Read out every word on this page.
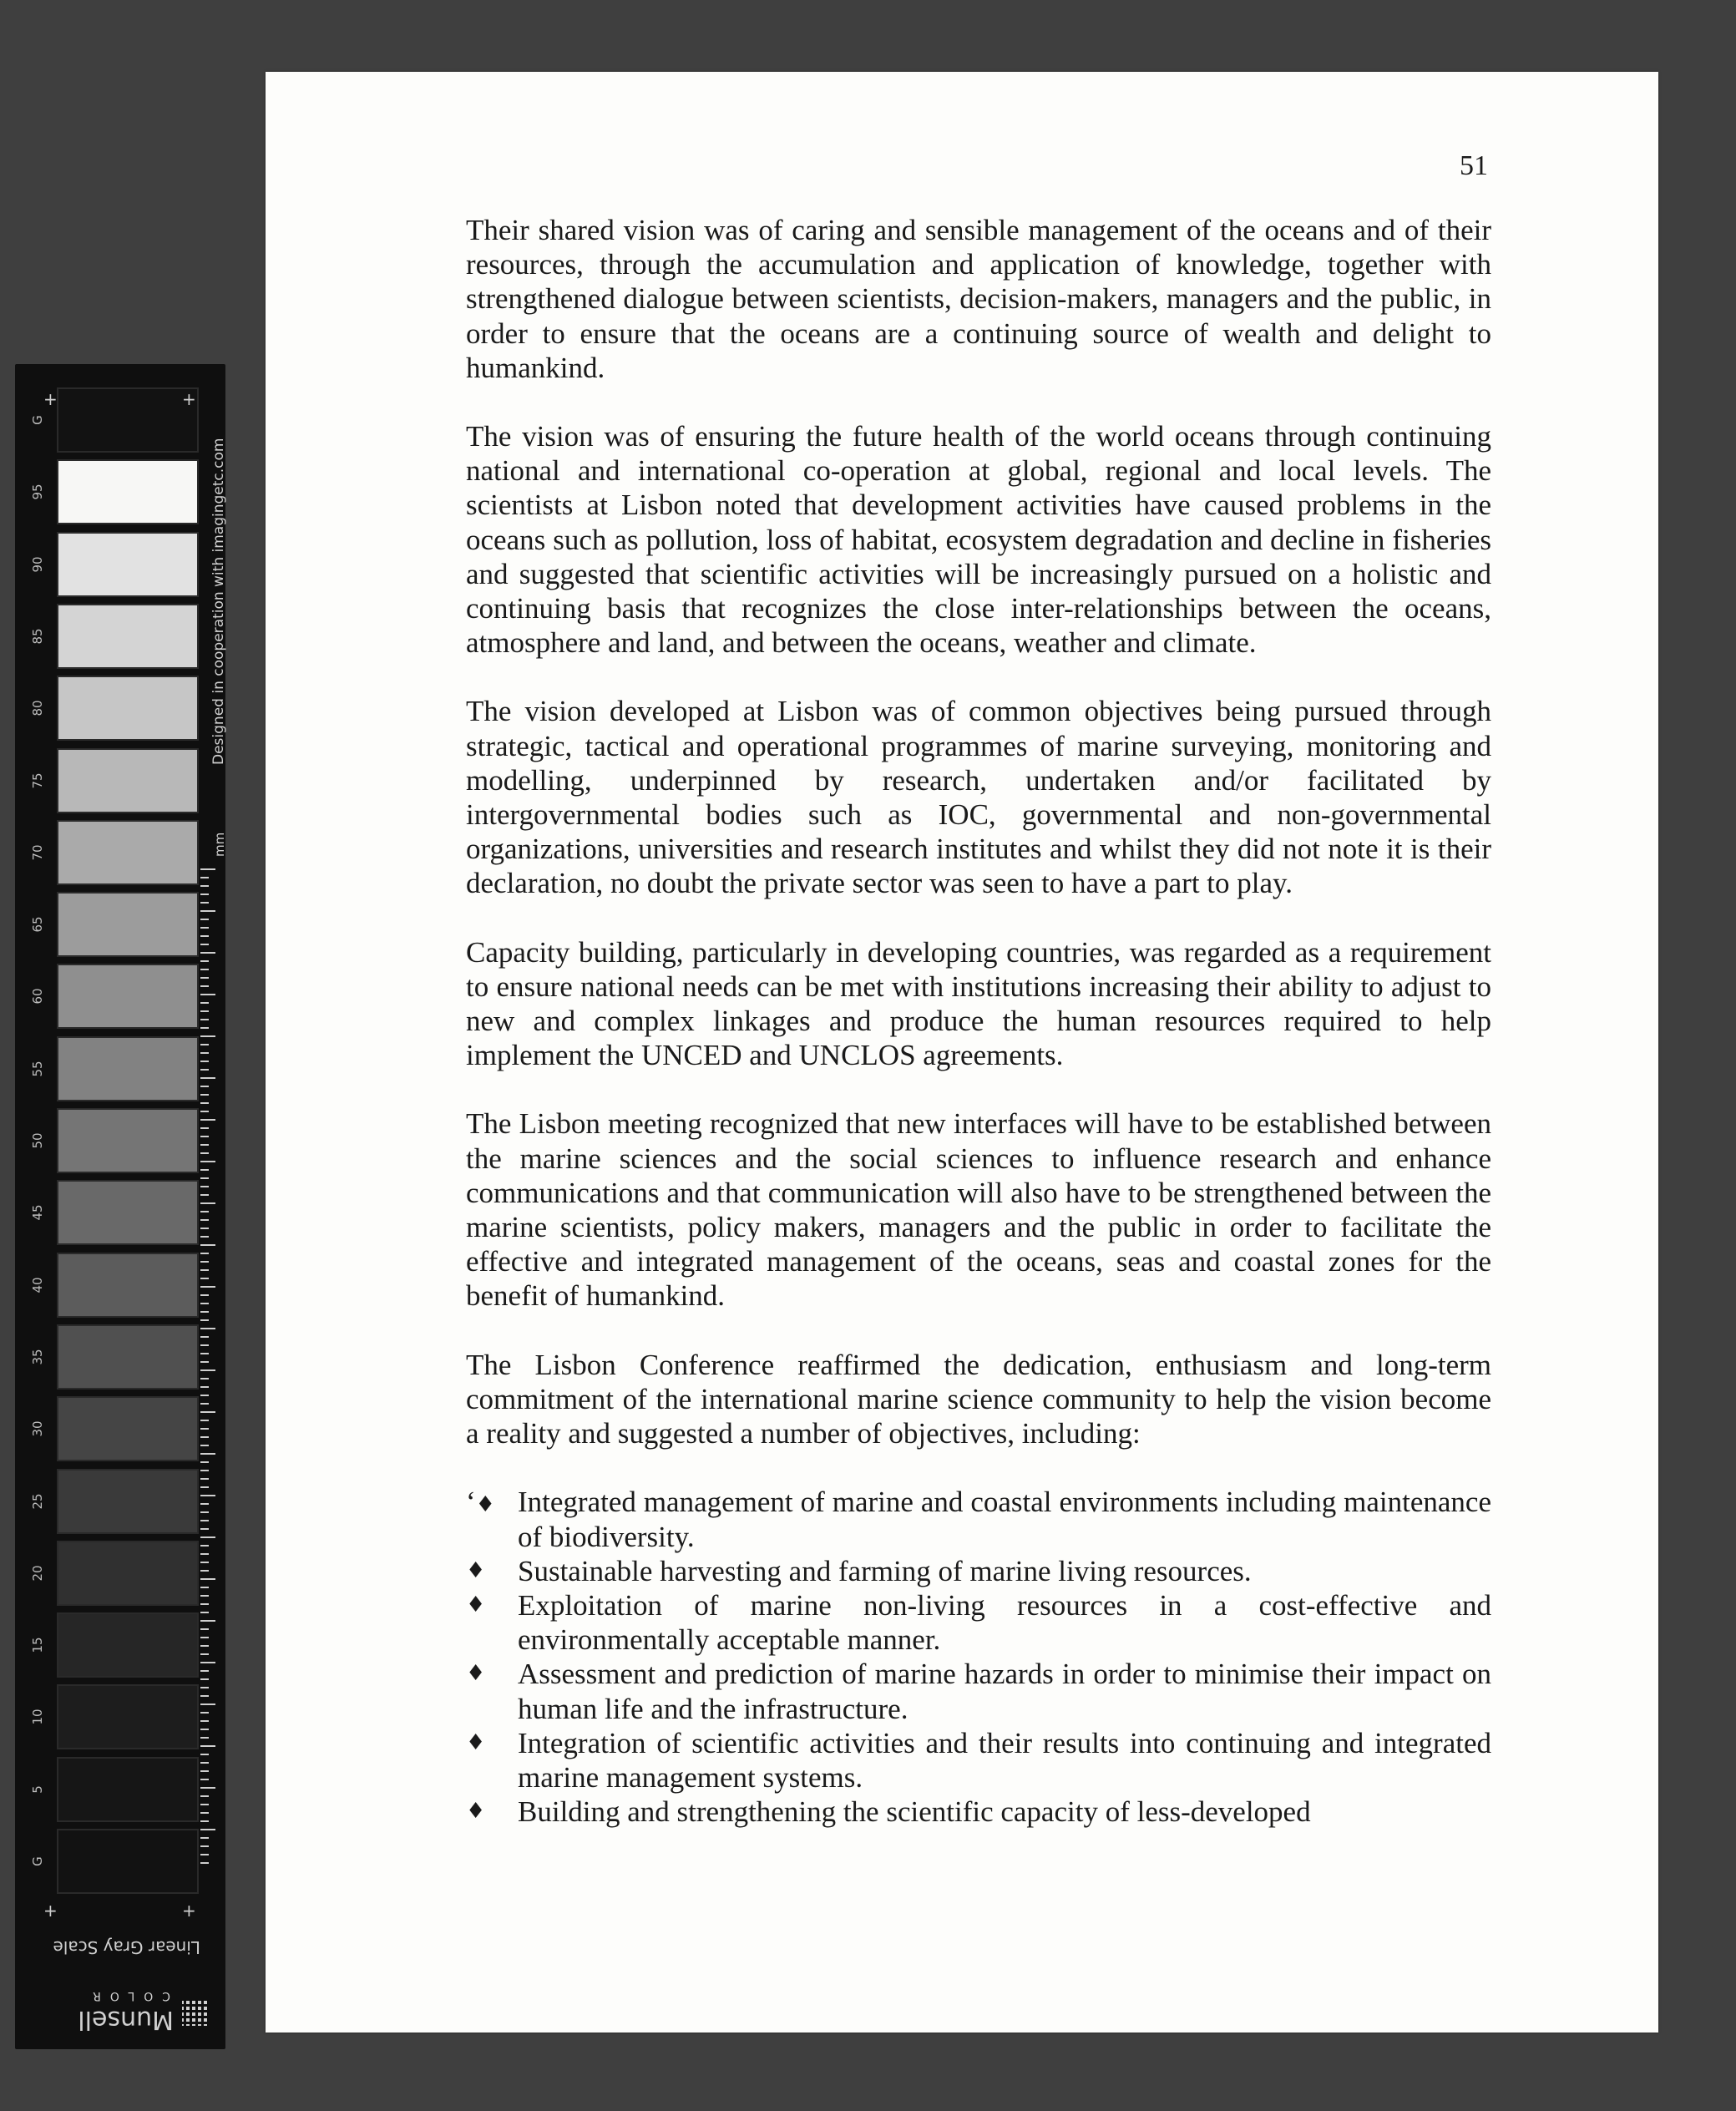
G
95
90
85
80
75
70
65
60
55
50
45
40
35
30
25
20
15
10
5
G
+	+
+	+
Designed in cooperation with imagingetc.com
mm
Linear Gray Scale
Munsell
COLOR
51

Their shared vision was of caring and sensible management of the oceans and of their resources, through the accumulation and application of knowledge, together with strengthened dialogue between scientists, decision-makers, managers and the public, in order to ensure that the oceans are a continuing source of wealth and delight to humankind.

The vision was of ensuring the future health of the world oceans through continuing national and international co-operation at global, regional and local levels. The scientists at Lisbon noted that development activities have caused problems in the oceans such as pollution, loss of habitat, ecosystem degradation and decline in fisheries and suggested that scientific activities will be increasingly pursued on a holistic and continuing basis that recognizes the close inter-relationships between the oceans, atmosphere and land, and between the oceans, weather and climate.

The vision developed at Lisbon was of common objectives being pursued through strategic, tactical and operational programmes of marine surveying, monitoring and modelling, underpinned by research, undertaken and/or facilitated by intergovernmental bodies such as IOC, governmental and non-governmental organizations, universities and research institutes and whilst they did not note it is their declaration, no doubt the private sector was seen to have a part to play.

Capacity building, particularly in developing countries, was regarded as a requirement to ensure national needs can be met with institutions increasing their ability to adjust to new and complex linkages and produce the human resources required to help implement the UNCED and UNCLOS agreements.

The Lisbon meeting recognized that new interfaces will have to be established between the marine sciences and the social sciences to influence research and enhance communications and that communication will also have to be strengthened between the marine scientists, policy makers, managers and the public in order to facilitate the effective and integrated management of the oceans, seas and coastal zones for the benefit of humankind.

The Lisbon Conference reaffirmed the dedication, enthusiasm and long-term commitment of the international marine science community to help the vision become a reality and suggested a number of objectives, including:

‘♦ Integrated management of marine and coastal environments including maintenance of biodiversity.
♦	Sustainable harvesting and farming of marine living resources.
♦	Exploitation of marine non-living resources in a cost-effective and environmentally acceptable manner.
♦	Assessment and prediction of marine hazards in order to minimise their impact on human life and the infrastructure.
♦	Integration of scientific activities and their results into continuing and integrated marine management systems.
♦	Building and strengthening the scientific capacity of less-developed
